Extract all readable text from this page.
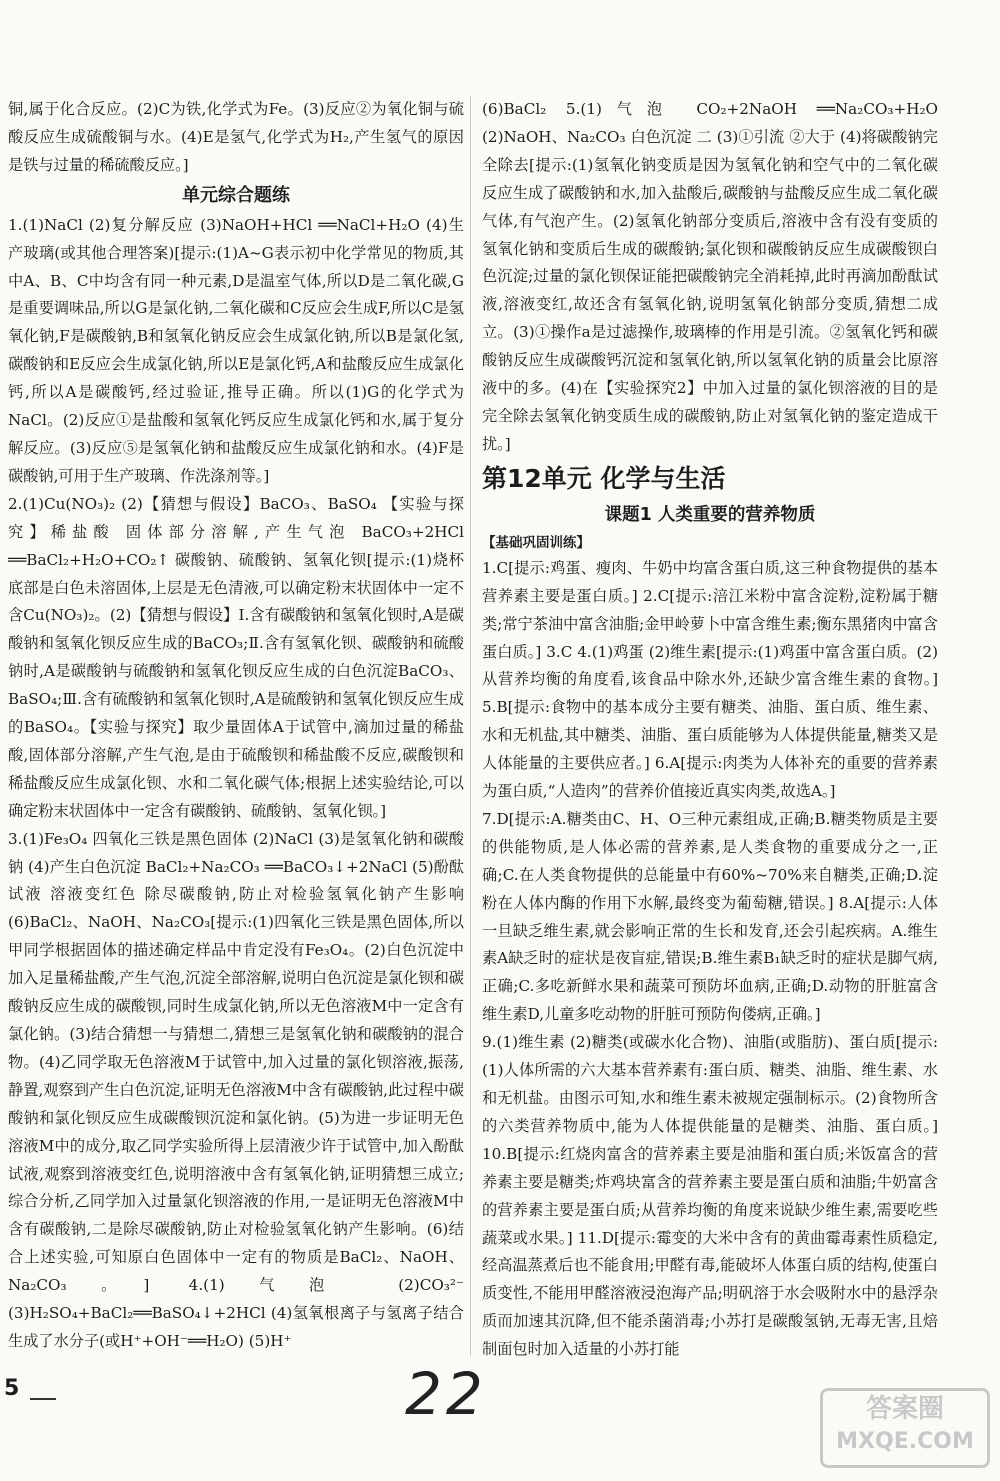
铜,属于化合反应。(2)C为铁,化学式为Fe。(3)反应②为氧化铜与硫酸反应生成硫酸铜与水。(4)E是氢气,化学式为H₂,产生氢气的原因是铁与过量的稀硫酸反应。]

单元综合题练

1.(1)NaCl (2)复分解反应 (3)NaOH+HCl ══NaCl+H₂O (4)生产玻璃(或其他合理答案)[提示:(1)A~G表示初中化学常见的物质,其中A、B、C中均含有同一种元素,D是温室气体,所以D是二氧化碳,G是重要调味品,所以G是氯化钠,二氧化碳和C反应会生成F,所以C是氢氧化钠,F是碳酸钠,B和氢氧化钠反应会生成氯化钠,所以B是氯化氢,碳酸钠和E反应会生成氯化钠,所以E是氯化钙,A和盐酸反应生成氯化钙,所以A是碳酸钙,经过验证,推导正确。所以(1)G的化学式为NaCl。(2)反应①是盐酸和氢氧化钙反应生成氯化钙和水,属于复分解反应。(3)反应⑤是氢氧化钠和盐酸反应生成氯化钠和水。(4)F是碳酸钠,可用于生产玻璃、作洗涤剂等。]

2.(1)Cu(NO₃)₂ (2)【猜想与假设】BaCO₃、BaSO₄ 【实验与探究】稀盐酸 固体部分溶解,产生气泡 BaCO₃+2HCl ══BaCl₂+H₂O+CO₂↑ 碳酸钠、硫酸钠、氢氧化钡[提示:(1)烧杯底部是白色未溶固体,上层是无色清液,可以确定粉末状固体中一定不含Cu(NO₃)₂。(2)【猜想与假设】Ⅰ.含有碳酸钠和氢氧化钡时,A是碳酸钠和氢氧化钡反应生成的BaCO₃;Ⅱ.含有氢氧化钡、碳酸钠和硫酸钠时,A是碳酸钠与硫酸钠和氢氧化钡反应生成的白色沉淀BaCO₃、BaSO₄;Ⅲ.含有硫酸钠和氢氧化钡时,A是硫酸钠和氢氧化钡反应生成的BaSO₄。【实验与探究】取少量固体A于试管中,滴加过量的稀盐酸,固体部分溶解,产生气泡,是由于硫酸钡和稀盐酸不反应,碳酸钡和稀盐酸反应生成氯化钡、水和二氧化碳气体;根据上述实验结论,可以确定粉末状固体中一定含有碳酸钠、硫酸钠、氢氧化钡。]

3.(1)Fe₃O₄ 四氧化三铁是黑色固体 (2)NaCl (3)是氢氧化钠和碳酸钠 (4)产生白色沉淀 BaCl₂+Na₂CO₃ ══BaCO₃↓+2NaCl (5)酚酞试液 溶液变红色 除尽碳酸钠,防止对检验氢氧化钠产生影响 (6)BaCl₂、NaOH、Na₂CO₃[提示:(1)四氧化三铁是黑色固体,所以甲同学根据固体的描述确定样品中肯定没有Fe₃O₄。(2)白色沉淀中加入足量稀盐酸,产生气泡,沉淀全部溶解,说明白色沉淀是氯化钡和碳酸钠反应生成的碳酸钡,同时生成氯化钠,所以无色溶液M中一定含有氯化钠。(3)结合猜想一与猜想二,猜想三是氢氧化钠和碳酸钠的混合物。(4)乙同学取无色溶液M于试管中,加入过量的氯化钡溶液,振荡,静置,观察到产生白色沉淀,证明无色溶液M中含有碳酸钠,此过程中碳酸钠和氯化钡反应生成碳酸钡沉淀和氯化钠。(5)为进一步证明无色溶液M中的成分,取乙同学实验所得上层清液少许于试管中,加入酚酞试液,观察到溶液变红色,说明溶液中含有氢氧化钠,证明猜想三成立;综合分析,乙同学加入过量氯化钡溶液的作用,一是证明无色溶液M中含有碳酸钠,二是除尽碳酸钠,防止对检验氢氧化钠产生影响。(6)结合上述实验,可知原白色固体中一定有的物质是BaCl₂、NaOH、Na₂CO₃。] 4.(1)气泡 (2)CO₃²⁻ (3)H₂SO₄+BaCl₂══BaSO₄↓+2HCl (4)氢氧根离子与氢离子结合生成了水分子(或H⁺+OH⁻══H₂O) (5)H⁺

(6)BaCl₂ 5.(1)气泡 CO₂+2NaOH ══Na₂CO₃+H₂O (2)NaOH、Na₂CO₃ 白色沉淀 二 (3)①引流 ②大于 (4)将碳酸钠完全除去[提示:(1)氢氧化钠变质是因为氢氧化钠和空气中的二氧化碳反应生成了碳酸钠和水,加入盐酸后,碳酸钠与盐酸反应生成二氧化碳气体,有气泡产生。(2)氢氧化钠部分变质后,溶液中含有没有变质的氢氧化钠和变质后生成的碳酸钠;氯化钡和碳酸钠反应生成碳酸钡白色沉淀;过量的氯化钡保证能把碳酸钠完全消耗掉,此时再滴加酚酞试液,溶液变红,故还含有氢氧化钠,说明氢氧化钠部分变质,猜想二成立。(3)①操作a是过滤操作,玻璃棒的作用是引流。②氢氧化钙和碳酸钠反应生成碳酸钙沉淀和氢氧化钠,所以氢氧化钠的质量会比原溶液中的多。(4)在【实验探究2】中加入过量的氯化钡溶液的目的是完全除去氢氧化钠变质生成的碳酸钠,防止对氢氧化钠的鉴定造成干扰。]

第12单元 化学与生活
课题1 人类重要的营养物质
【基础巩固训练】

1.C[提示:鸡蛋、瘦肉、牛奶中均富含蛋白质,这三种食物提供的基本营养素主要是蛋白质。] 2.C[提示:涪江米粉中富含淀粉,淀粉属于糖类;常宁茶油中富含油脂;金甲岭萝卜中富含维生素;衡东黑猪肉中富含蛋白质。] 3.C 4.(1)鸡蛋 (2)维生素[提示:(1)鸡蛋中富含蛋白质。(2)从营养均衡的角度看,该食品中除水外,还缺少富含维生素的食物。] 5.B[提示:食物中的基本成分主要有糖类、油脂、蛋白质、维生素、水和无机盐,其中糖类、油脂、蛋白质能够为人体提供能量,糖类又是人体能量的主要供应者。] 6.A[提示:肉类为人体补充的重要的营养素为蛋白质,“人造肉”的营养价值接近真实肉类,故选A。]

7.D[提示:A.糖类由C、H、O三种元素组成,正确;B.糖类物质是主要的供能物质,是人体必需的营养素,是人类食物的重要成分之一,正确;C.在人类食物提供的总能量中有60%~70%来自糖类,正确;D.淀粉在人体内酶的作用下水解,最终变为葡萄糖,错误。] 8.A[提示:人体一旦缺乏维生素,就会影响正常的生长和发育,还会引起疾病。A.维生素A缺乏时的症状是夜盲症,错误;B.维生素B₁缺乏时的症状是脚气病,正确;C.多吃新鲜水果和蔬菜可预防坏血病,正确;D.动物的肝脏富含维生素D,儿童多吃动物的肝脏可预防佝偻病,正确。]

9.(1)维生素 (2)糖类(或碳水化合物)、油脂(或脂肪)、蛋白质[提示:(1)人体所需的六大基本营养素有:蛋白质、糖类、油脂、维生素、水和无机盐。由图示可知,水和维生素未被规定强制标示。(2)食物所含的六类营养物质中,能为人体提供能量的是糖类、油脂、蛋白质。] 10.B[提示:红烧肉富含的营养素主要是油脂和蛋白质;米饭富含的营养素主要是糖类;炸鸡块富含的营养素主要是蛋白质和油脂;牛奶富含的营养素主要是蛋白质;从营养均衡的角度来说缺少维生素,需要吃些蔬菜或水果。] 11.D[提示:霉变的大米中含有的黄曲霉毒素性质稳定,经高温蒸煮后也不能食用;甲醛有毒,能破坏人体蛋白质的结构,使蛋白质变性,不能用甲醛溶液浸泡海产品;明矾溶于水会吸附水中的悬浮杂质而加速其沉降,但不能杀菌消毒;小苏打是碳酸氢钠,无毒无害,且焙制面包时加入适量的小苏打能

5	22	答案圈
MXQE.COM
